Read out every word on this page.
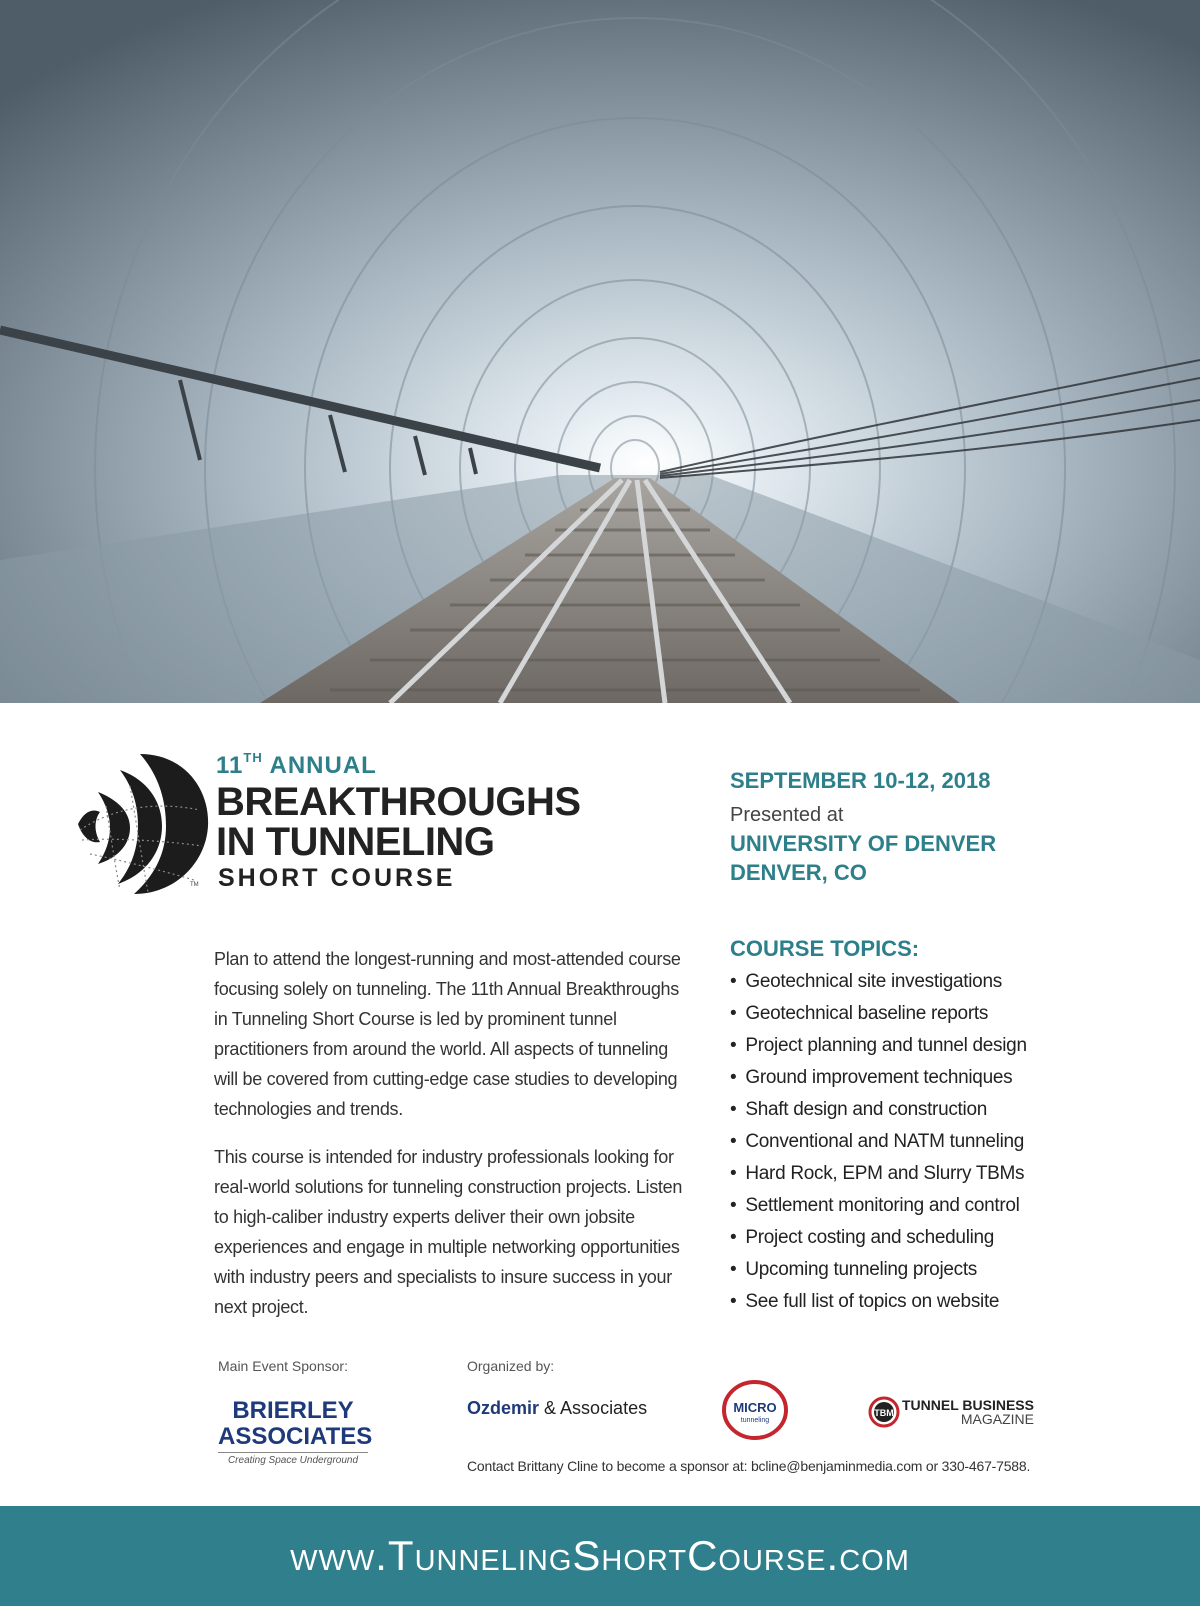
11TH ANNUAL
BREAKTHROUGHS
IN TUNNELING
SHORT COURSE
TM
SEPTEMBER 10-12, 2018
Presented at
UNIVERSITY OF DENVER
DENVER, CO

Plan to attend the longest-running and most-attended course focusing solely on tunneling. The 11th Annual Breakthroughs in Tunneling Short Course is led by prominent tunnel practitioners from around the world. All aspects of tunneling will be covered from cutting-edge case studies to developing technologies and trends.

This course is intended for industry professionals looking for real-world solutions for tunneling construction projects. Listen to high-caliber industry experts deliver their own jobsite experiences and engage in multiple networking opportunities with industry peers and specialists to insure success in your next project.

COURSE TOPICS:
• Geotechnical site investigations
• Geotechnical baseline reports
• Project planning and tunnel design
• Ground improvement techniques
• Shaft design and construction
• Conventional and NATM tunneling
• Hard Rock, EPM and Slurry TBMs
• Settlement monitoring and control
• Project costing and scheduling
• Upcoming tunneling projects
• See full list of topics on website
Main Event Sponsor:	Organized by:
BRIERLEY
ASSOCIATES
Creating Space Underground
Ozdemir & Associates	MICRO
tunneling
TBM TUNNEL BUSINESS
MAGAZINE
Contact Brittany Cline to become a sponsor at: bcline@benjaminmedia.com or 330-467-7588.
www.TunnelingShortCourse.com
